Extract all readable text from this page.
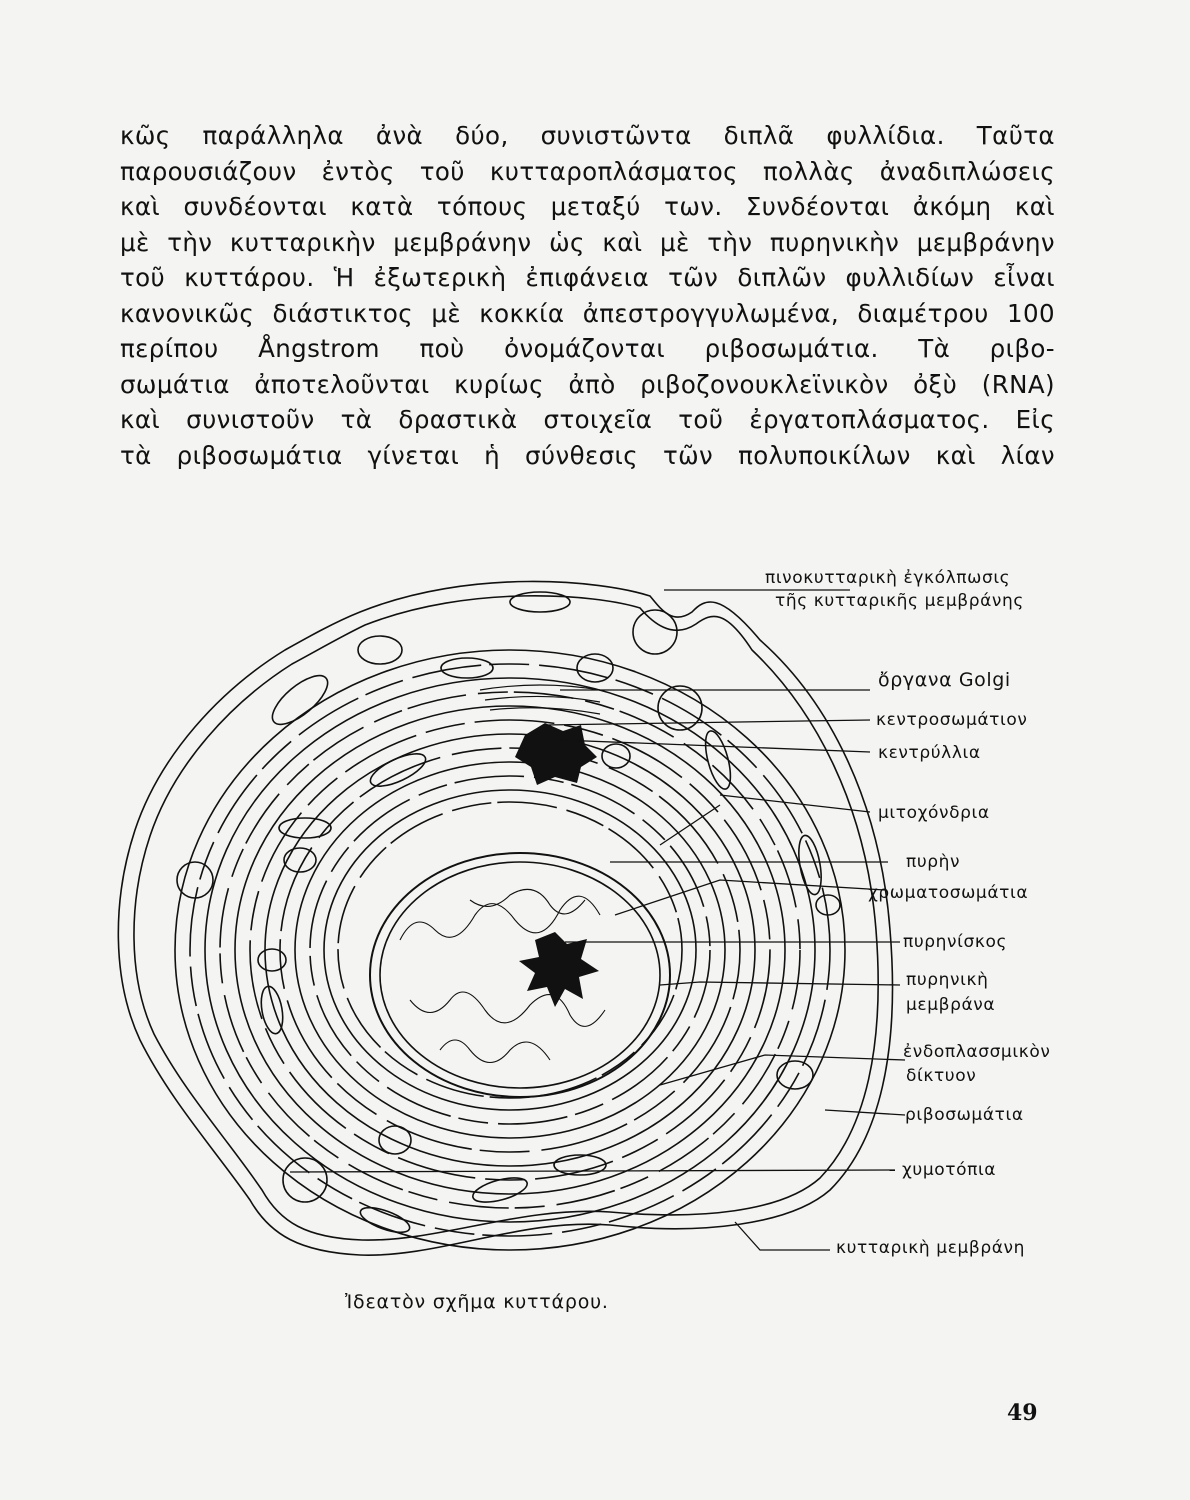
κῶς παράλληλα ἀνὰ δύο, συνιστῶντα διπλᾶ φυλλίδια. Ταῦτα
παρουσιάζουν ἐντὸς τοῦ κυτταροπλάσματος πολλὰς ἀναδιπλώσεις
καὶ συνδέονται κατὰ τόπους μεταξύ των. Συνδέονται ἀκόμη καὶ
μὲ τὴν κυτταρικὴν μεμβράνην ὡς καὶ μὲ τὴν πυρηνικὴν μεμβράνην
τοῦ κυττάρου. Ἡ ἐξωτερικὴ ἐπιφάνεια τῶν διπλῶν φυλλιδίων εἶναι
κανονικῶς διάστικτος μὲ κοκκία ἀπεστρογγυλωμένα, διαμέτρου 100
περίπου Ångstrom ποὺ ὀνομάζονται ριβοσωμάτια. Τὰ ριβο-
σωμάτια ἀποτελοῦνται κυρίως ἀπὸ ριβοζονουκλεϊνικὸν ὀξὺ (RNA)
καὶ συνιστοῦν τὰ δραστικὰ στοιχεῖα τοῦ ἐργατοπλάσματος. Εἰς
τὰ ριβοσωμάτια γίνεται ἡ σύνθεσις τῶν πολυποικίλων καὶ λίαν
πινοκυτταρικὴ ἐγκόλπωσις
τῆς κυτταρικῆς μεμβράνης
ὄργανα Golgi
κεντροσωμάτιον
κεντρύλλια
μιτοχόνδρια
πυρὴν
χρωματοσωμάτια
πυρηνίσκος
πυρηνικὴ
μεμβράνα
ἐνδοπλασσμικὸν
δίκτυον
ριβοσωμάτια
χυμοτόπια
κυτταρικὴ μεμβράνη
Ἰδεατὸν σχῆμα κυττάρου.
49
